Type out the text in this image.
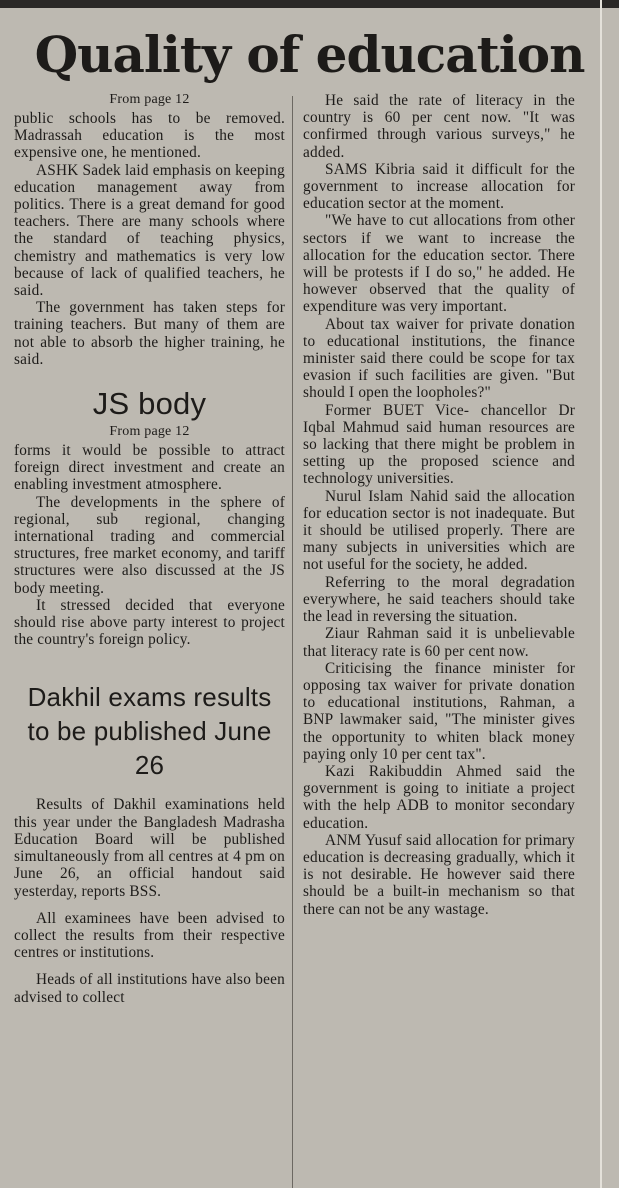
Quality of education
From page 12

public schools has to be removed. Madrassah education is the most expensive one, he mentioned.

ASHK Sadek laid emphasis on keeping education management away from politics. There is a great demand for good teachers. There are many schools where the standard of teaching physics, chemistry and mathematics is very low because of lack of qualified teachers, he said.

The government has taken steps for training teachers. But many of them are not able to absorb the higher training, he said.

JS body
From page 12

forms it would be possible to attract foreign direct investment and create an enabling investment atmosphere.

The developments in the sphere of regional, sub regional, changing international trading and commercial structures, free market economy, and tariff structures were also discussed at the JS body meeting.

It stressed decided that everyone should rise above party interest to project the country's foreign policy.

Dakhil exams results to be published June 26

Results of Dakhil examinations held this year under the Bangladesh Madrasha Education Board will be published simultaneously from all centres at 4 pm on June 26, an official handout said yesterday, reports BSS.

All examinees have been advised to collect the results from their respective centres or institutions.

Heads of all institutions have also been advised to collect

He said the rate of literacy in the country is 60 per cent now. "It was confirmed through various surveys," he added.

SAMS Kibria said it difficult for the government to increase allocation for education sector at the moment.

"We have to cut allocations from other sectors if we want to increase the allocation for the education sector. There will be protests if I do so," he added. He however observed that the quality of expenditure was very important.

About tax waiver for private donation to educational institutions, the finance minister said there could be scope for tax evasion if such facilities are given. "But should I open the loopholes?"

Former BUET Vice- chancellor Dr Iqbal Mahmud said human resources are so lacking that there might be problem in setting up the proposed science and technology universities.

Nurul Islam Nahid said the allocation for education sector is not inadequate. But it should be utilised properly. There are many subjects in universities which are not useful for the society, he added.

Referring to the moral degradation everywhere, he said teachers should take the lead in reversing the situation.

Ziaur Rahman said it is unbelievable that literacy rate is 60 per cent now.

Criticising the finance minister for opposing tax waiver for private donation to educational institutions, Rahman, a BNP lawmaker said, "The minister gives the opportunity to whiten black money paying only 10 per cent tax".

Kazi Rakibuddin Ahmed said the government is going to initiate a project with the help ADB to monitor secondary education.

ANM Yusuf said allocation for primary education is decreasing gradually, which it is not desirable. He however said there should be a built-in mechanism so that there can not be any wastage.
